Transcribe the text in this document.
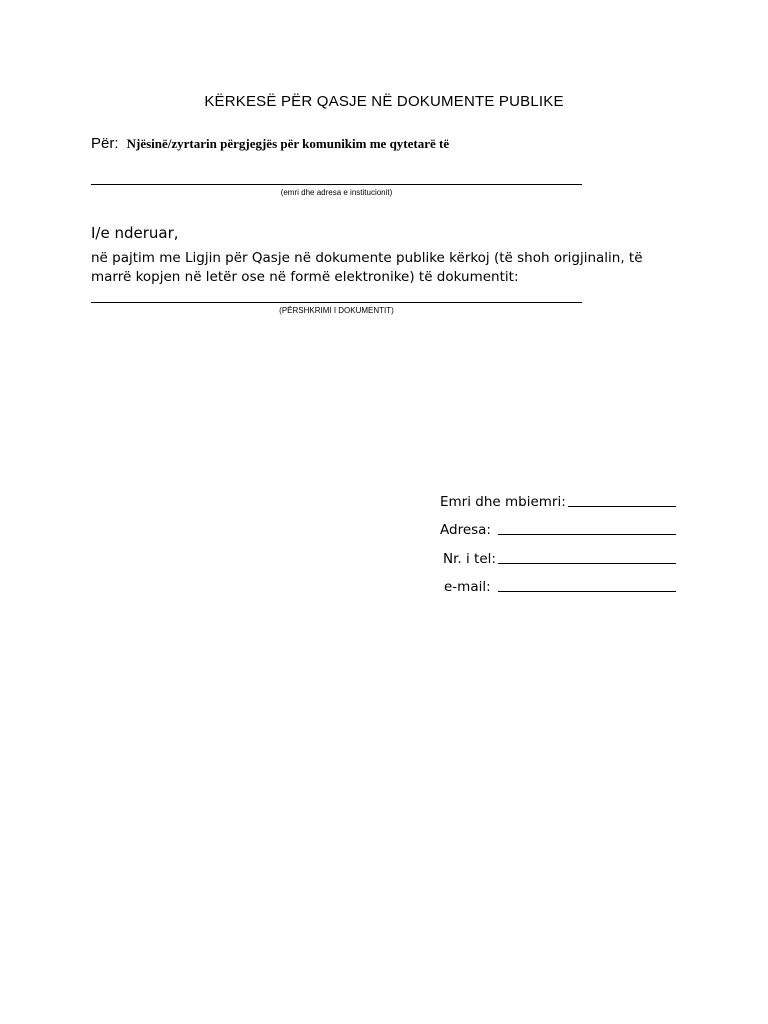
KËRKESË PËR QASJE NË DOKUMENTE PUBLIKE
Për: Njësinë/zyrtarin përgjegjës për komunikim me qytetarë të
(emri dhe adresa e institucionit)
I/e nderuar,
në pajtim me Ligjin për Qasje në dokumente publike kërkoj (të shoh origjinalin, të marrë kopjen në letër ose në formë elektronike) të dokumentit:
(PËRSHKRIMI I DOKUMENTIT)
Emri dhe mbiemri:
Adresa:
Nr. i tel:
e-mail:
